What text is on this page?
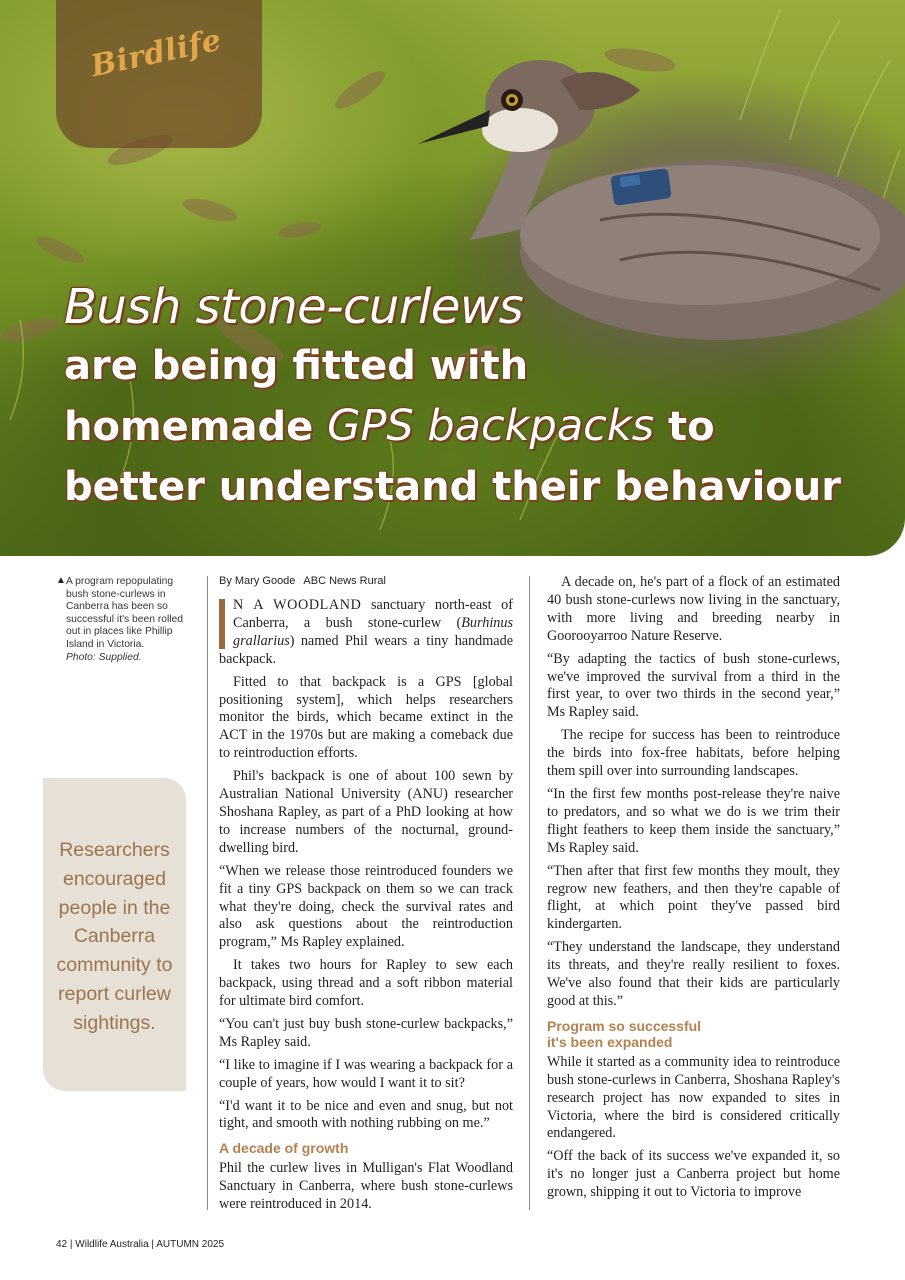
Birdlife
Bush stone-curlews
are being fitted with
homemade GPS backpacks to
better understand their behaviour
▲ A program repopulating bush stone-curlews in Canberra has been so successful it's been rolled out in places like Phillip Island in Victoria.
Photo: Supplied.
Researchers encouraged people in the Canberra community to report curlew sightings.
By Mary Goode ABC News Rural

N A WOODLAND sanctuary north-east of Canberra, a bush stone-curlew (Burhinus grallarius) named Phil wears a tiny handmade backpack.

Fitted to that backpack is a GPS [global positioning system], which helps researchers monitor the birds, which became extinct in the ACT in the 1970s but are making a comeback due to reintroduction efforts.

Phil's backpack is one of about 100 sewn by Australian National University (ANU) researcher Shoshana Rapley, as part of a PhD looking at how to increase numbers of the nocturnal, ground-dwelling bird.

“When we release those reintroduced founders we fit a tiny GPS backpack on them so we can track what they're doing, check the survival rates and also ask questions about the reintroduction program,” Ms Rapley explained.

It takes two hours for Rapley to sew each backpack, using thread and a soft ribbon material for ultimate bird comfort.

“You can't just buy bush stone-curlew backpacks,” Ms Rapley said.

“I like to imagine if I was wearing a backpack for a couple of years, how would I want it to sit?

“I'd want it to be nice and even and snug, but not tight, and smooth with nothing rubbing on me.”

A decade of growth

Phil the curlew lives in Mulligan's Flat Woodland Sanctuary in Canberra, where bush stone-curlews were reintroduced in 2014.

A decade on, he's part of a flock of an estimated 40 bush stone-curlews now living in the sanctuary, with more living and breeding nearby in Goorooyarroo Nature Reserve.

“By adapting the tactics of bush stone-curlews, we've improved the survival from a third in the first year, to over two thirds in the second year,” Ms Rapley said.

The recipe for success has been to reintroduce the birds into fox-free habitats, before helping them spill over into surrounding landscapes.

“In the first few months post-release they're naive to predators, and so what we do is we trim their flight feathers to keep them inside the sanctuary,” Ms Rapley said.

“Then after that first few months they moult, they regrow new feathers, and then they're capable of flight, at which point they've passed bird kindergarten.

“They understand the landscape, they understand its threats, and they're really resilient to foxes. We've also found that their kids are particularly good at this.”

Program so successful
it's been expanded

While it started as a community idea to reintroduce bush stone-curlews in Canberra, Shoshana Rapley's research project has now expanded to sites in Victoria, where the bird is considered critically endangered.

“Off the back of its success we've expanded it, so it's no longer just a Canberra project but home grown, shipping it out to Victoria to improve

42 | Wildlife Australia | AUTUMN 2025
